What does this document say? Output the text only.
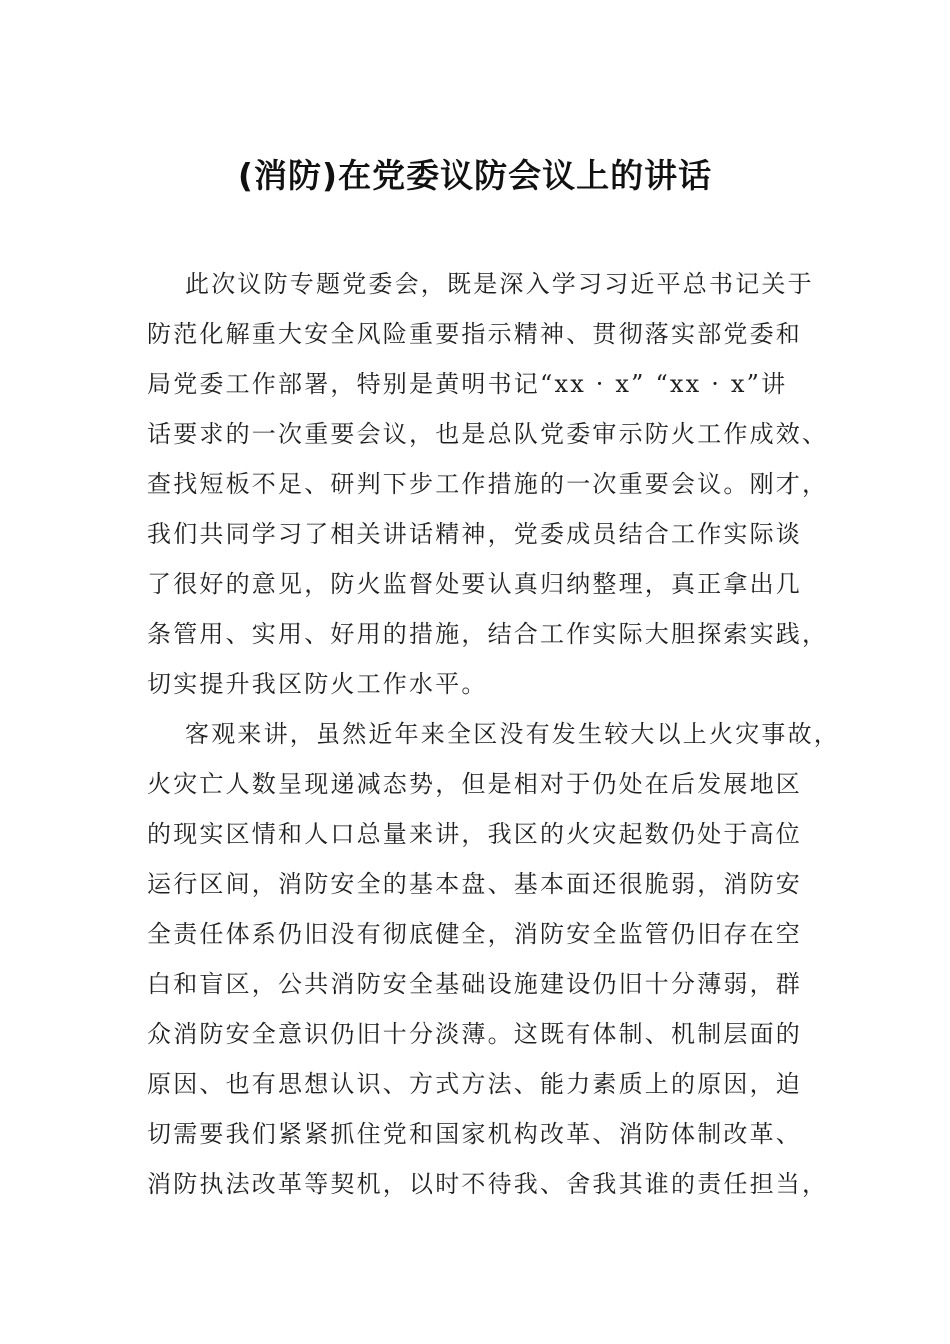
(消防)在党委议防会议上的讲话
此次议防专题党委会，既是深入学习习近平总书记关于
防范化解重大安全风险重要指示精神、贯彻落实部党委和
局党委工作部署，特别是黄明书记“xx · x” “xx · x”讲
话要求的一次重要会议，也是总队党委审示防火工作成效、
查找短板不足、研判下步工作措施的一次重要会议。刚才，
我们共同学习了相关讲话精神，党委成员结合工作实际谈
了很好的意见，防火监督处要认真归纳整理，真正拿出几
条管用、实用、好用的措施，结合工作实际大胆探索实践，
切实提升我区防火工作水平。
客观来讲，虽然近年来全区没有发生较大以上火灾事故，
火灾亡人数呈现递减态势，但是相对于仍处在后发展地区
的现实区情和人口总量来讲，我区的火灾起数仍处于高位
运行区间，消防安全的基本盘、基本面还很脆弱，消防安
全责任体系仍旧没有彻底健全，消防安全监管仍旧存在空
白和盲区，公共消防安全基础设施建设仍旧十分薄弱，群
众消防安全意识仍旧十分淡薄。这既有体制、机制层面的
原因、也有思想认识、方式方法、能力素质上的原因，迫
切需要我们紧紧抓住党和国家机构改革、消防体制改革、
消防执法改革等契机，以时不待我、舍我其谁的责任担当，
